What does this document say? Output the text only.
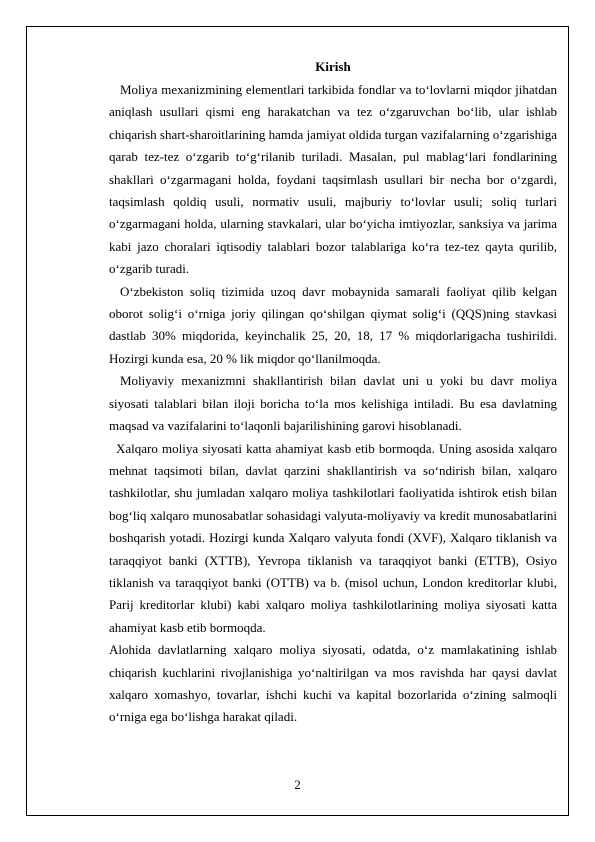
Kirish

Moliya mexanizmining elementlari tarkibida fondlar va to‘lovlarni miqdor jihatdan aniqlash usullari qismi eng harakatchan va tez o‘zgaruvchan bo‘lib, ular ishlab chiqarish shart-sharoitlarining hamda jamiyat oldida turgan vazifalarning o‘zgarishiga qarab tez-tez o‘zgarib to‘g‘rilanib turiladi. Masalan, pul mablag‘lari fondlarining shakllari o‘zgarmagani holda, foydani taqsimlash usullari bir necha bor o‘zgardi, taqsimlash qoldiq usuli, normativ usuli, majburiy to‘lovlar usuli; soliq turlari o‘zgarmagani holda, ularning stavkalari, ular bo‘yicha imtiyozlar, sanksiya va jarima kabi jazo choralari iqtisodiy talablari bozor talablariga ko‘ra tez-tez qayta qurilib, o‘zgarib turadi.

O‘zbekiston soliq tizimida uzoq davr mobaynida samarali faoliyat qilib kelgan oborot solig‘i o‘rniga joriy qilingan qo‘shilgan qiymat solig‘i (QQS)ning stavkasi dastlab 30% miqdorida, keyinchalik 25, 20, 18, 17 % miqdorlarigacha tushirildi. Hozirgi kunda esa, 20 % lik miqdor qo‘llanilmoqda.

Moliyaviy mexanizmni shakllantirish bilan davlat uni u yoki bu davr moliya siyosati talablari bilan iloji boricha to‘la mos kelishiga intiladi. Bu esa davlatning maqsad va vazifalarini to‘laqonli bajarilishining garovi hisoblanadi.

Xalqaro moliya siyosati katta ahamiyat kasb etib bormoqda. Uning asosida xalqaro mehnat taqsimoti bilan, davlat qarzini shakllantirish va so‘ndirish bilan, xalqaro tashkilotlar, shu jumladan xalqaro moliya tashkilotlari faoliyatida ishtirok etish bilan bog‘liq xalqaro munosabatlar sohasidagi valyuta-moliyaviy va kredit munosabatlarini boshqarish yotadi. Hozirgi kunda Xalqaro valyuta fondi (XVF), Xalqaro tiklanish va taraqqiyot banki (XTTB), Yevropa tiklanish va taraqqiyot banki (ETTB), Osiyo tiklanish va taraqqiyot banki (OTTB) va b. (misol uchun, London kreditorlar klubi, Parij kreditorlar klubi) kabi xalqaro moliya tashkilotlarining moliya siyosati katta ahamiyat kasb etib bormoqda.

Alohida davlatlarning xalqaro moliya siyosati, odatda, o‘z mamlakatining ishlab chiqarish kuchlarini rivojlanishiga yo‘naltirilgan va mos ravishda har qaysi davlat xalqaro xomashyo, tovarlar, ishchi kuchi va kapital bozorlarida o‘zining salmoqli o‘rniga ega bo‘lishga harakat qiladi.

2
